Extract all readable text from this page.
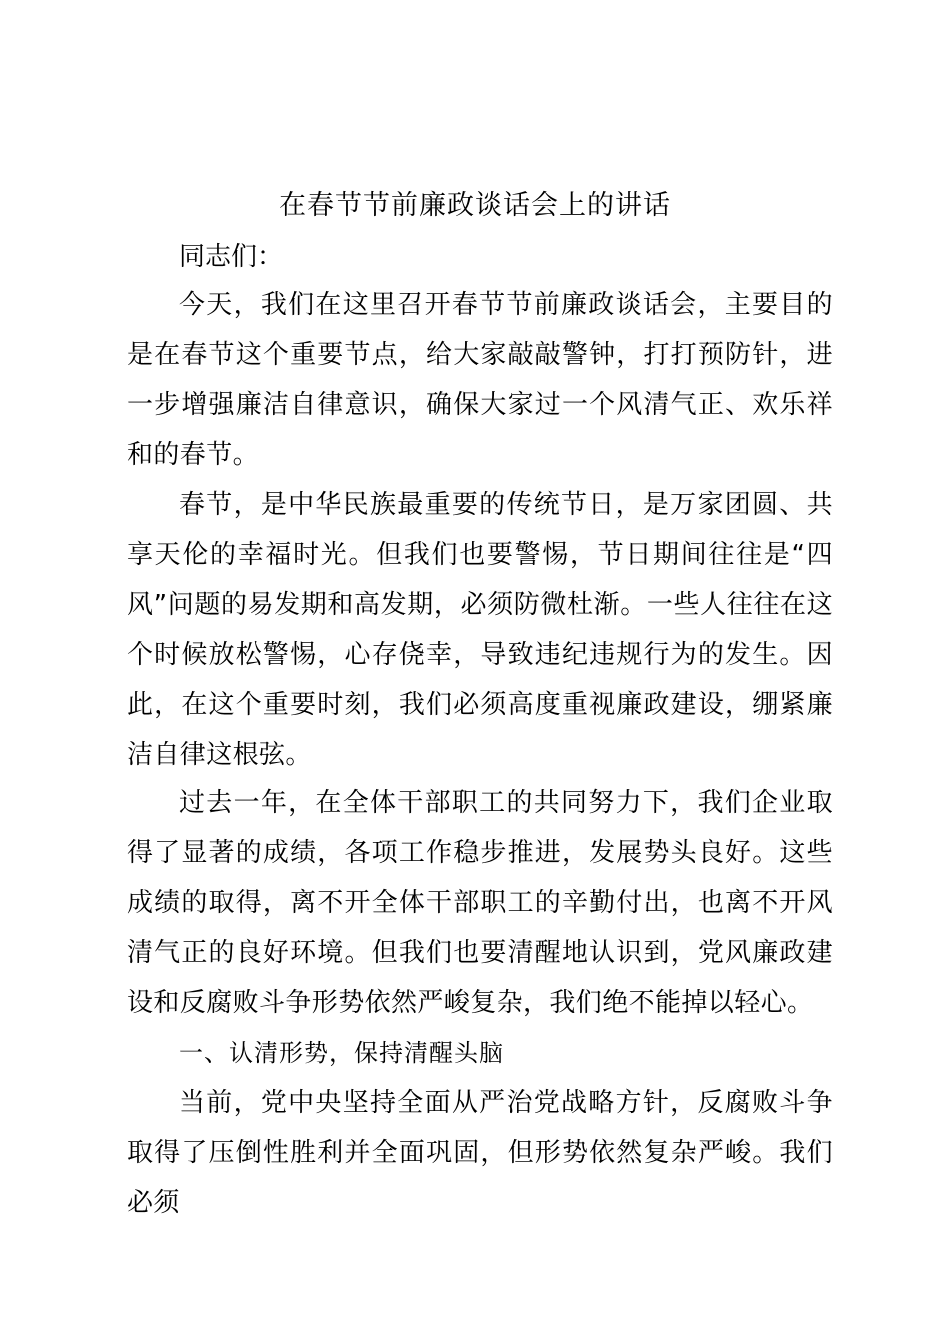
在春节节前廉政谈话会上的讲话
同志们：
今天，我们在这里召开春节节前廉政谈话会，主要目的是在春节这个重要节点，给大家敲敲警钟，打打预防针，进一步增强廉洁自律意识，确保大家过一个风清气正、欢乐祥和的春节。
春节，是中华民族最重要的传统节日，是万家团圆、共享天伦的幸福时光。但我们也要警惕，节日期间往往是“四风”问题的易发期和高发期，必须防微杜渐。一些人往往在这个时候放松警惕，心存侥幸，导致违纪违规行为的发生。因此，在这个重要时刻，我们必须高度重视廉政建设，绷紧廉洁自律这根弦。
过去一年，在全体干部职工的共同努力下，我们企业取得了显著的成绩，各项工作稳步推进，发展势头良好。这些成绩的取得，离不开全体干部职工的辛勤付出，也离不开风清气正的良好环境。但我们也要清醒地认识到，党风廉政建设和反腐败斗争形势依然严峻复杂，我们绝不能掉以轻心。
一、认清形势，保持清醒头脑
当前，党中央坚持全面从严治党战略方针，反腐败斗争取得了压倒性胜利并全面巩固，但形势依然复杂严峻。我们必须
